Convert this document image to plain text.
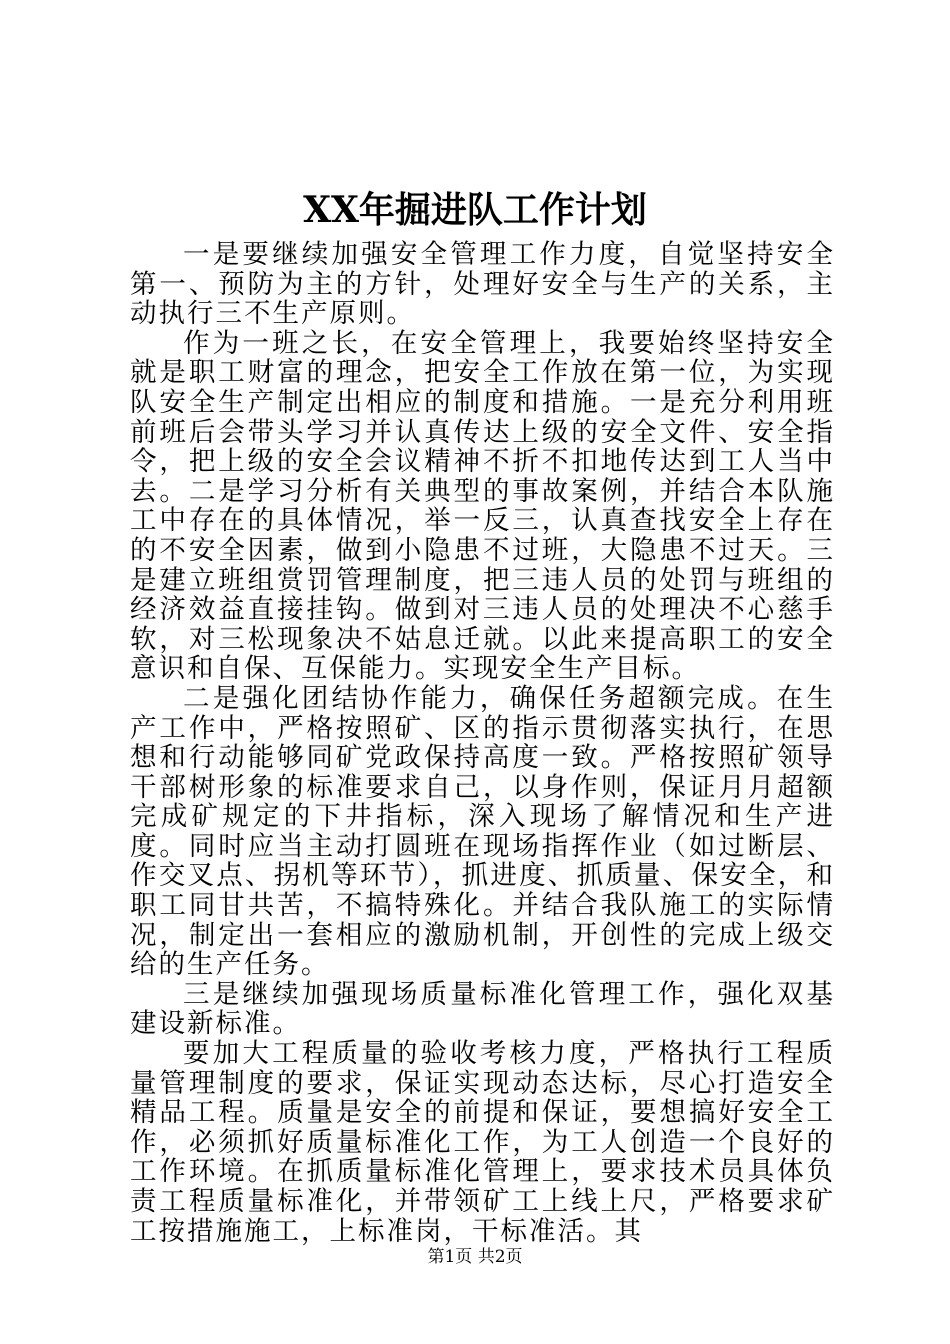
XX年掘进队工作计划

一是要继续加强安全管理工作力度，自觉坚持安全第一、预防为主的方针，处理好安全与生产的关系，主动执行三不生产原则。

作为一班之长，在安全管理上，我要始终坚持安全就是职工财富的理念，把安全工作放在第一位，为实现队安全生产制定出相应的制度和措施。一是充分利用班前班后会带头学习并认真传达上级的安全文件、安全指令，把上级的安全会议精神不折不扣地传达到工人当中去。二是学习分析有关典型的事故案例，并结合本队施工中存在的具体情况，举一反三，认真查找安全上存在的不安全因素，做到小隐患不过班，大隐患不过天。三是建立班组赏罚管理制度，把三违人员的处罚与班组的经济效益直接挂钩。做到对三违人员的处理决不心慈手软，对三松现象决不姑息迁就。以此来提高职工的安全意识和自保、互保能力。实现安全生产目标。

二是强化团结协作能力，确保任务超额完成。在生产工作中，严格按照矿、区的指示贯彻落实执行，在思想和行动能够同矿党政保持高度一致。严格按照矿领导干部树形象的标准要求自己，以身作则，保证月月超额完成矿规定的下井指标，深入现场了解情况和生产进度。同时应当主动打圆班在现场指挥作业（如过断层、作交叉点、拐机等环节），抓进度、抓质量、保安全，和职工同甘共苦，不搞特殊化。并结合我队施工的实际情况，制定出一套相应的激励机制，开创性的完成上级交给的生产任务。

三是继续加强现场质量标准化管理工作，强化双基建设新标准。

要加大工程质量的验收考核力度，严格执行工程质量管理制度的要求，保证实现动态达标，尽心打造安全精品工程。质量是安全的前提和保证，要想搞好安全工作，必须抓好质量标准化工作，为工人创造一个良好的工作环境。在抓质量标准化管理上，要求技术员具体负责工程质量标准化，并带领矿工上线上尺，严格要求矿工按措施施工，上标准岗，干标准活。其

第1页 共2页
